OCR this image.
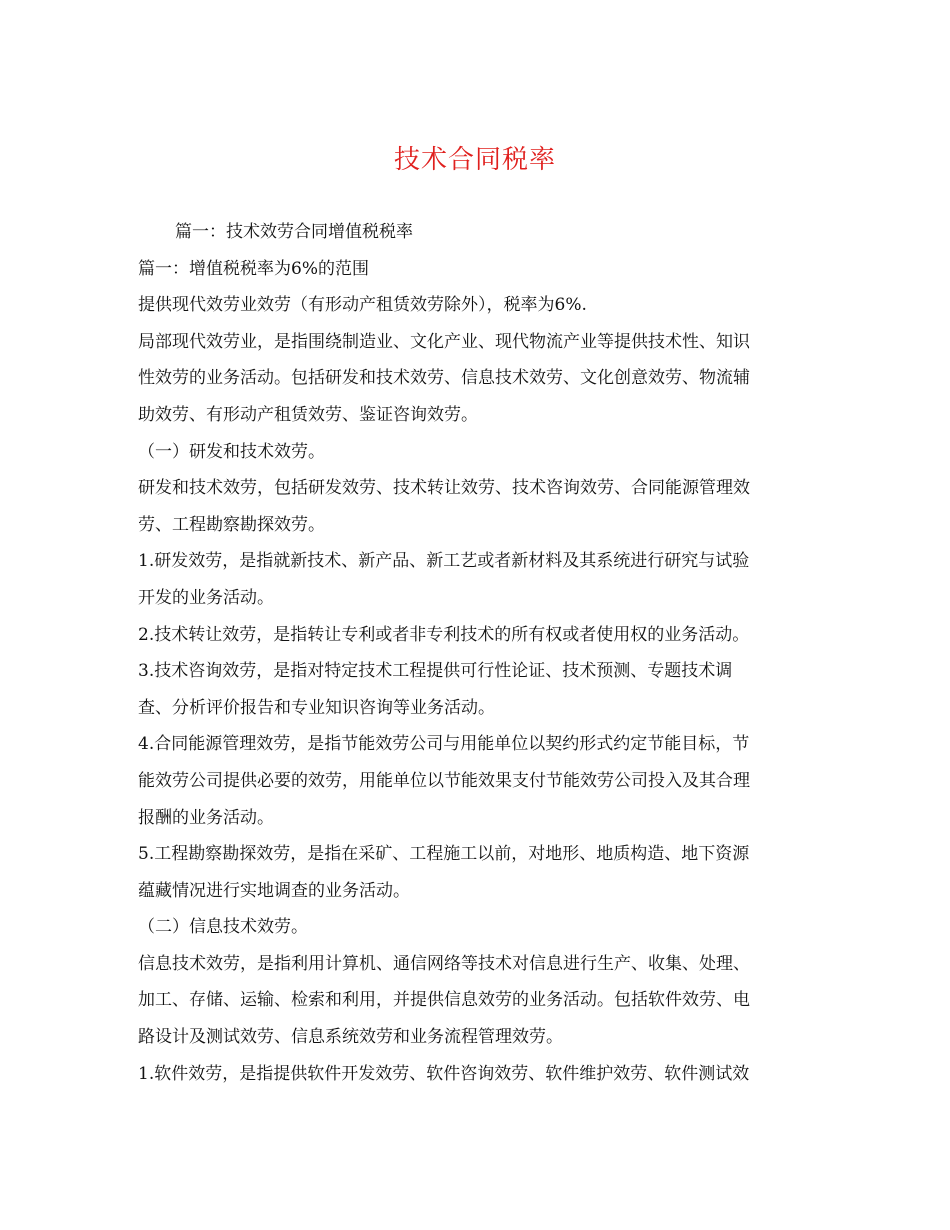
技术合同税率
篇一：技术效劳合同增值税税率
篇一：增值税税率为6%的范围
提供现代效劳业效劳（有形动产租赁效劳除外），税率为6%.
局部现代效劳业，是指围绕制造业、文化产业、现代物流产业等提供技术性、知识
性效劳的业务活动。包括研发和技术效劳、信息技术效劳、文化创意效劳、物流辅
助效劳、有形动产租赁效劳、鉴证咨询效劳。
（一）研发和技术效劳。
研发和技术效劳，包括研发效劳、技术转让效劳、技术咨询效劳、合同能源管理效
劳、工程勘察勘探效劳。
1.研发效劳，是指就新技术、新产品、新工艺或者新材料及其系统进行研究与试验
开发的业务活动。
2.技术转让效劳，是指转让专利或者非专利技术的所有权或者使用权的业务活动。
3.技术咨询效劳，是指对特定技术工程提供可行性论证、技术预测、专题技术调
查、分析评价报告和专业知识咨询等业务活动。
4.合同能源管理效劳，是指节能效劳公司与用能单位以契约形式约定节能目标，节
能效劳公司提供必要的效劳，用能单位以节能效果支付节能效劳公司投入及其合理
报酬的业务活动。
5.工程勘察勘探效劳，是指在采矿、工程施工以前，对地形、地质构造、地下资源
蕴藏情况进行实地调查的业务活动。
（二）信息技术效劳。
信息技术效劳，是指利用计算机、通信网络等技术对信息进行生产、收集、处理、
加工、存储、运输、检索和利用，并提供信息效劳的业务活动。包括软件效劳、电
路设计及测试效劳、信息系统效劳和业务流程管理效劳。
1.软件效劳，是指提供软件开发效劳、软件咨询效劳、软件维护效劳、软件测试效
